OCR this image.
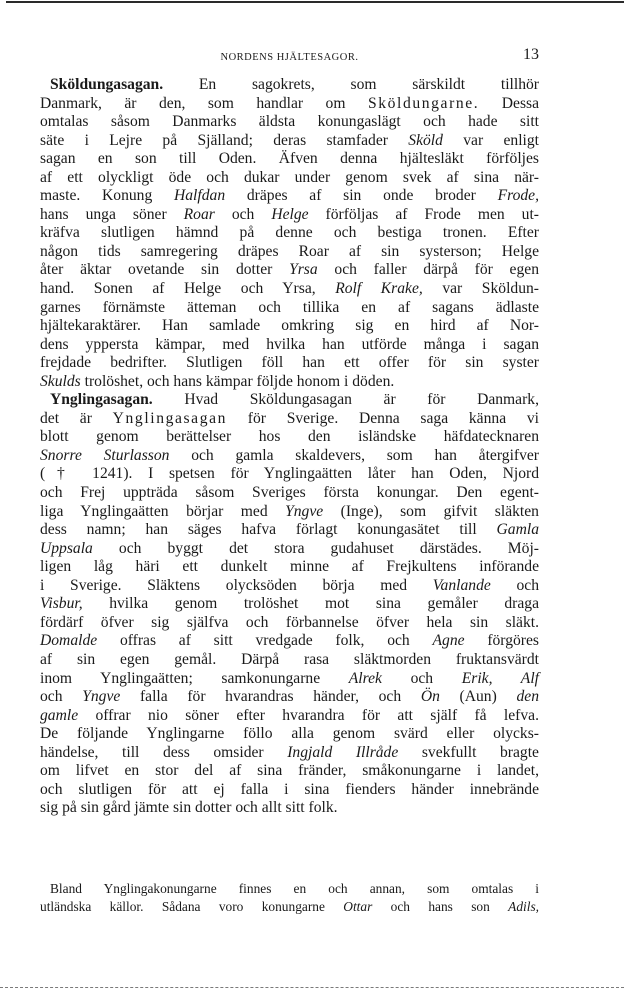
NORDENS HJÄLTESAGOR.	13
Sköldungasagan. En sagokrets, som särskildt tillhör
Danmark, är den, som handlar om Sköldungarne. Dessa
omtalas såsom Danmarks äldsta konungaslägt och hade sitt
säte i Lejre på Själland; deras stamfader Sköld var enligt
sagan en son till Oden. Äfven denna hjältesläkt förföljes
af ett olyckligt öde och dukar under genom svek af sina när-
maste. Konung Halfdan dräpes af sin onde broder Frode,
hans unga söner Roar och Helge förföljas af Frode men ut-
kräfva slutligen hämnd på denne och bestiga tronen. Efter
någon tids samregering dräpes Roar af sin systerson; Helge
åter äktar ovetande sin dotter Yrsa och faller därpå för egen
hand. Sonen af Helge och Yrsa, Rolf Krake, var Sköldun-
garnes förnämste ätteman och tillika en af sagans ädlaste
hjältekaraktärer. Han samlade omkring sig en hird af Nor-
dens yppersta kämpar, med hvilka han utförde många i sagan
frejdade bedrifter. Slutligen föll han ett offer för sin syster
Skulds trolöshet, och hans kämpar följde honom i döden.
Ynglingasagan. Hvad Sköldungasagan är för Danmark,
det är Ynglingasagan för Sverige. Denna saga känna vi
blott genom berättelser hos den isländske häfdatecknaren
Snorre Sturlasson och gamla skaldevers, som han återgifver
(† 1241). I spetsen för Ynglingaätten låter han Oden, Njord
och Frej uppträda såsom Sveriges första konungar. Den egent-
liga Ynglingaätten börjar med Yngve (Inge), som gifvit släkten
dess namn; han säges hafva förlagt konungasätet till Gamla
Uppsala och byggt det stora gudahuset därstädes. Möj-
ligen låg häri ett dunkelt minne af Frejkultens införande
i Sverige. Släktens olycksöden börja med Vanlande och
Visbur, hvilka genom trolöshet mot sina gemåler draga
fördärf öfver sig själfva och förbannelse öfver hela sin släkt.
Domalde offras af sitt vredgade folk, och Agne förgöres
af sin egen gemål. Därpå rasa släktmorden fruktansvärdt
inom Ynglingaätten; samkonungarne Alrek och Erik, Alf
och Yngve falla för hvarandras händer, och Ön (Aun) den
gamle offrar nio söner efter hvarandra för att själf få lefva.
De följande Ynglingarne föllo alla genom svärd eller olycks-
händelse, till dess omsider Ingjald Illråde svekfullt bragte
om lifvet en stor del af sina fränder, småkonungarne i landet,
och slutligen för att ej falla i sina fienders händer innebrände
sig på sin gård jämte sin dotter och allt sitt folk.
Bland Ynglingakonungarne finnes en och annan, som omtalas i
utländska källor. Sådana voro konungarne Ottar och hans son Adils,
